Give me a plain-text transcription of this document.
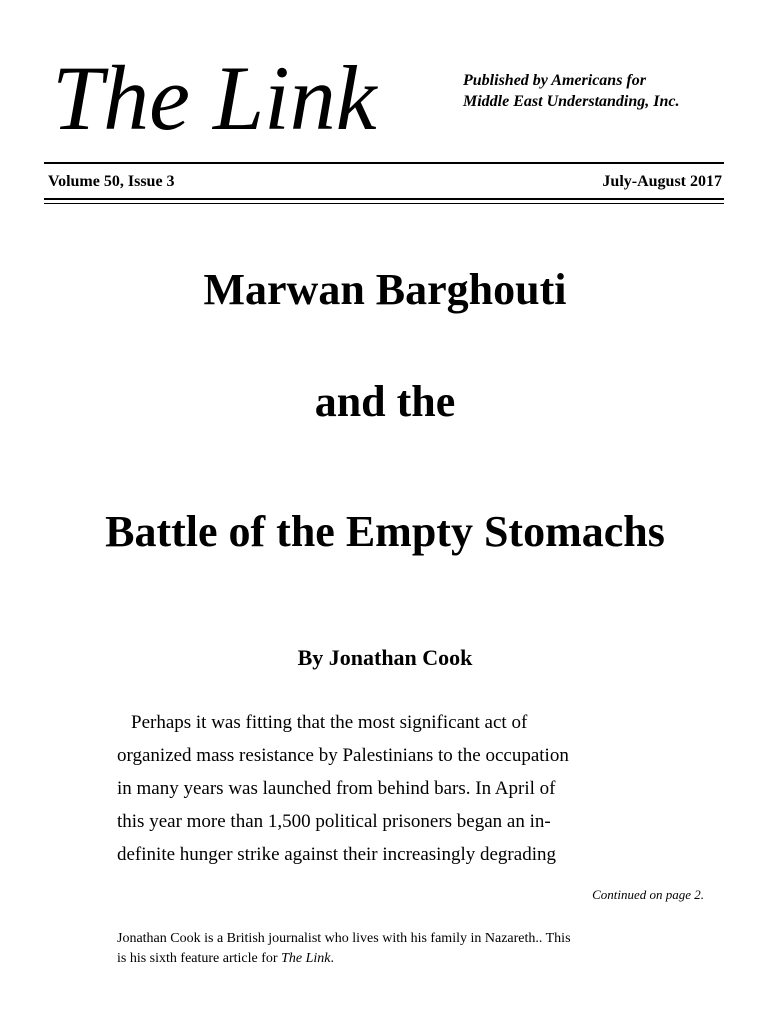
The Link	Published by Americans for
Middle East Understanding, Inc.
Volume 50, Issue 3	July-August 2017
Marwan Barghouti
and the
Battle of the Empty Stomachs
By Jonathan Cook
Perhaps it was fitting that the most significant act of
organized mass resistance by Palestinians to the occupation
in many years was launched from behind bars. In April of
this year more than 1,500 political prisoners began an in-
definite hunger strike against their increasingly degrading
Continued on page 2.
Jonathan Cook is a British journalist who lives with his family in Nazareth.. This
is his sixth feature article for The Link.
